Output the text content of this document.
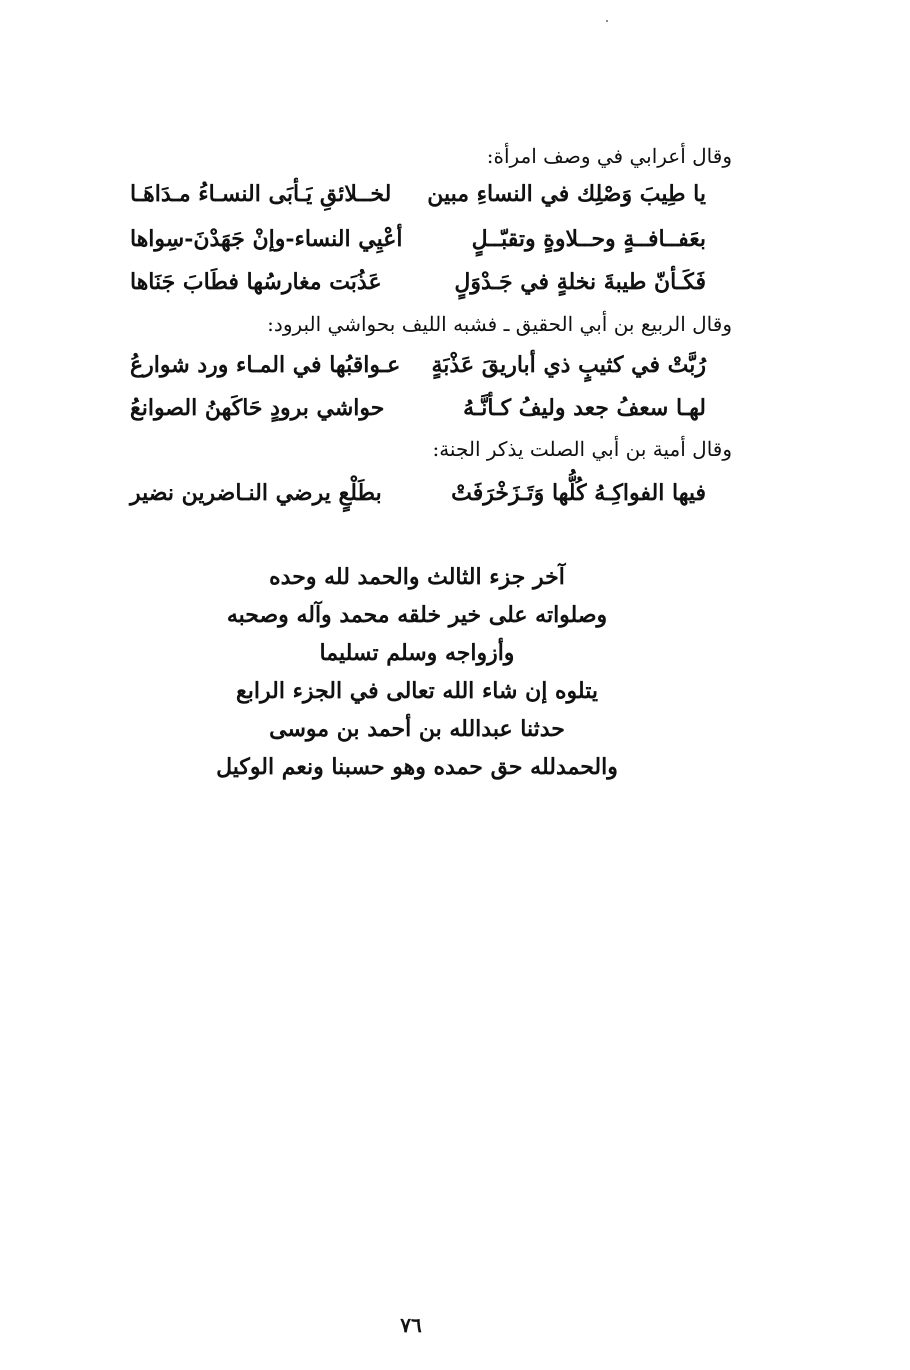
وقال أعرابي في وصف امرأة:
يا طِيبَ وَصْلِك في النساءِ مبين
لخــلائقِ يَـأبَى النسـاءُ مـدَاهَـا
بعَفــافــةٍ وحــلاوةٍ وتقبّــلٍ
أعْيِي النساء-وإنْ جَهَدْنَ-سِواها
فَكَـأنّ طيبةَ نخلةٍ في جَـدْوَلٍ
عَذُبَت مغارسُها فطَابَ جَنَاها
وقال الربيع بن أبي الحقيق ـ فشبه الليف بحواشي البرود:
رُبَّتْ في كثيبٍ ذي أباريقَ عَذْبَةٍ
عـواقبُها في المـاء ورد شوارعُ
لهـا سعفُ جعد وليفُ كـأنَّـهُ
حواشي برودٍ حَاكَهنُ الصوانعُ
وقال أمية بن أبي الصلت يذكر الجنة:
فيها الفواكِـهُ كُلُّها وَتَـزَخْرَفَتْ
بطَلْعٍ يرضي النـاضرين نضير
آخر جزء الثالث والحمد لله وحده
وصلواته على خير خلقه محمد وآله وصحبه
وأزواجه وسلم تسليما
يتلوه إن شاء الله تعالى في الجزء الرابع
حدثنا عبدالله بن أحمد بن موسى
والحمدلله حق حمده وهو حسبنا ونعم الوكيل
٧٦
